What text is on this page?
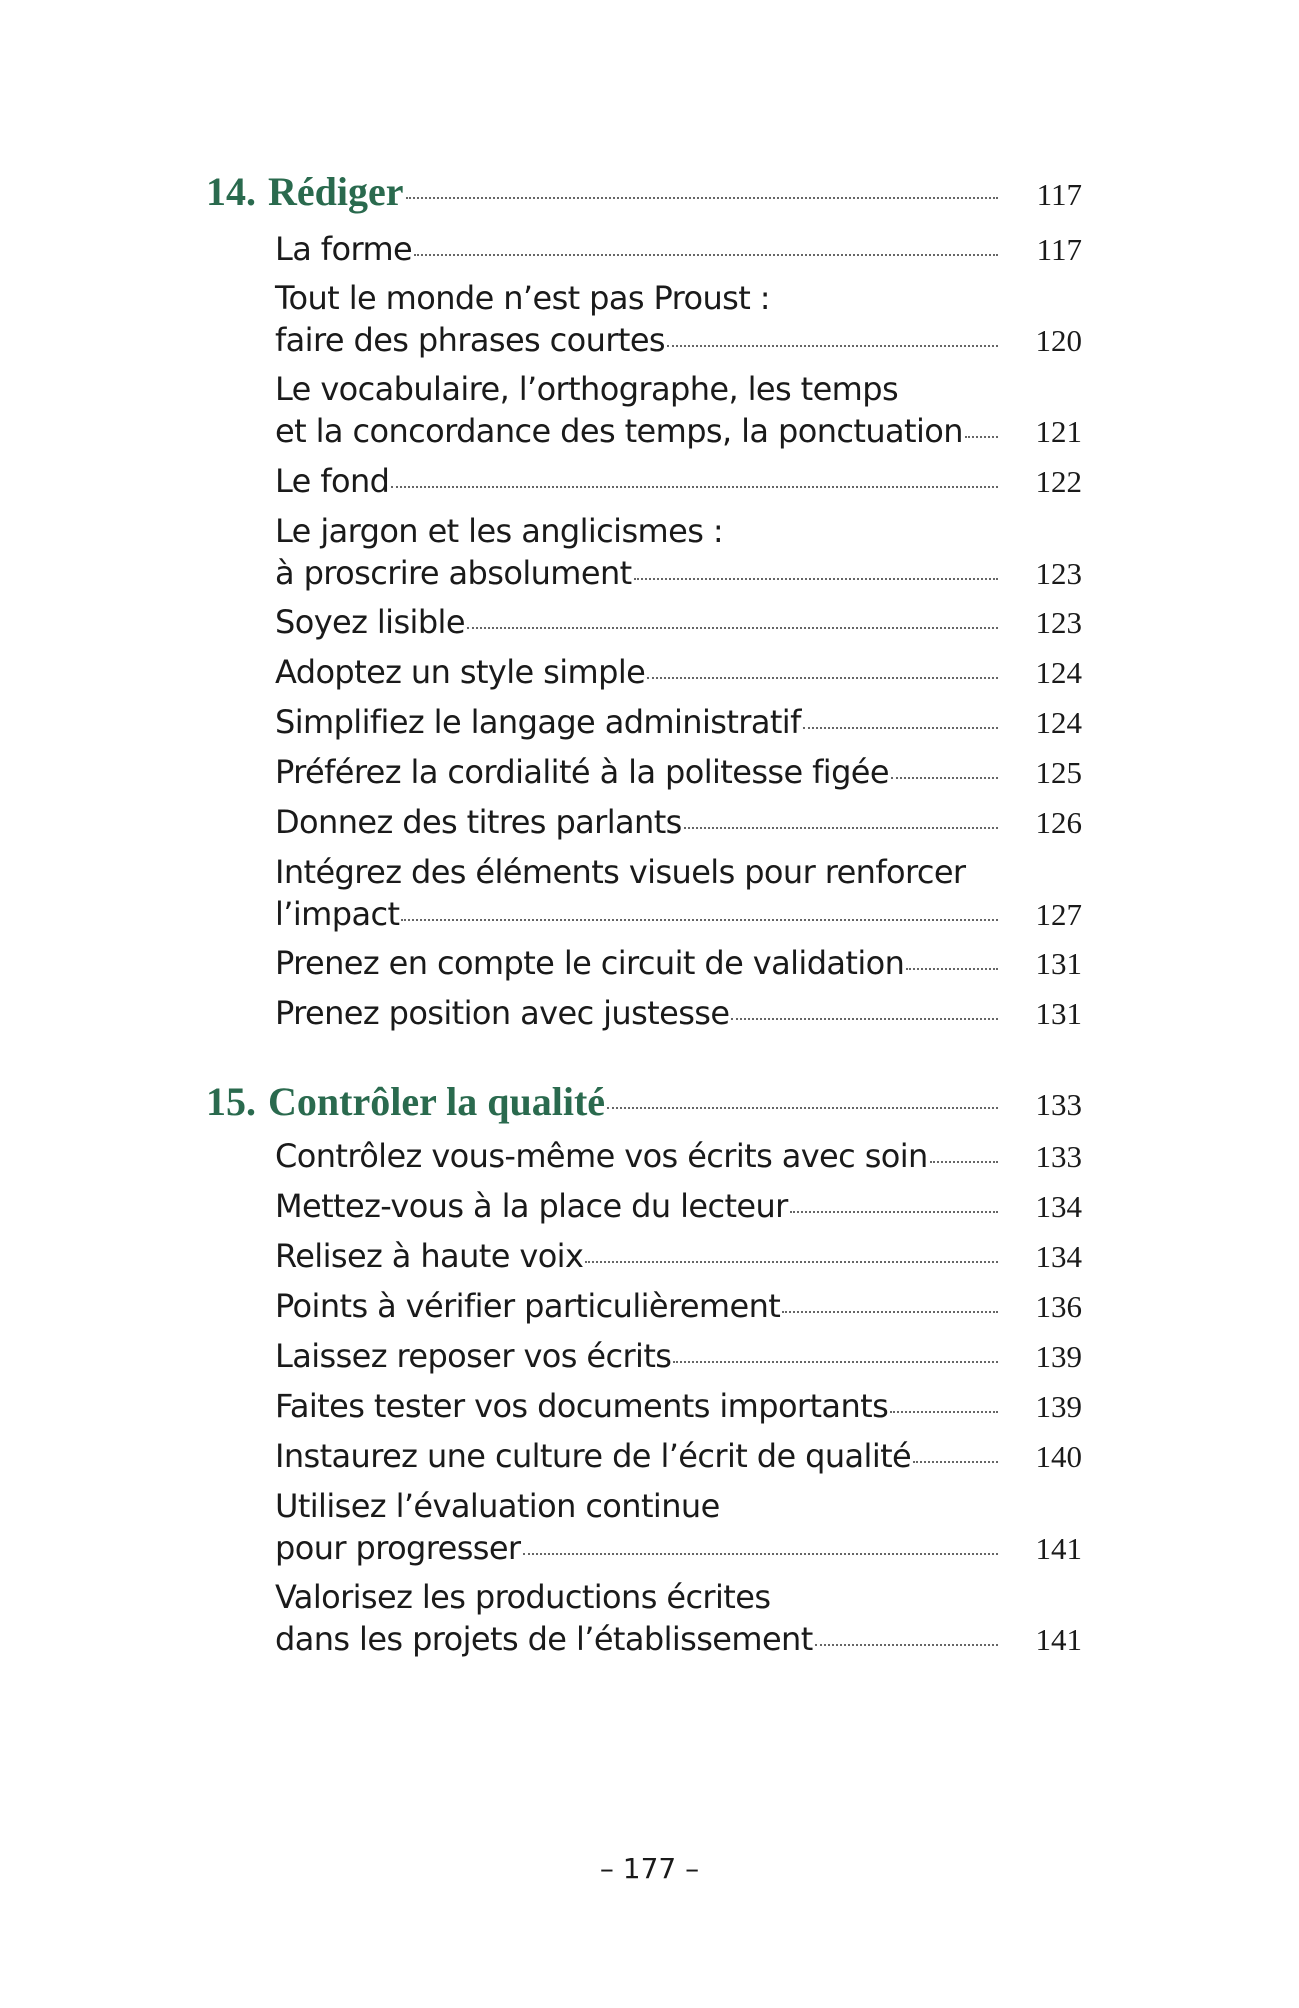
14. Rédiger	117
La forme	117
Tout le monde n’est pas Proust :
faire des phrases courtes	120
Le vocabulaire, l’orthographe, les temps
et la concordance des temps, la ponctuation 121
Le fond	122
Le jargon et les anglicismes :
à proscrire absolument	123
Soyez lisible	123
Adoptez un style simple	124
Simplifiez le langage administratif	124
Préférez la cordialité à la politesse figée	125
Donnez des titres parlants	126
Intégrez des éléments visuels pour renforcer
l’impact	127
Prenez en compte le circuit de validation	131
Prenez position avec justesse	131
15. Contrôler la qualité	133
Contrôlez vous-même vos écrits avec soin	133
Mettez-vous à la place du lecteur	134
Relisez à haute voix	134
Points à vérifier particulièrement	136
Laissez reposer vos écrits	139
Faites tester vos documents importants	139
Instaurez une culture de l’écrit de qualité	140
Utilisez l’évaluation continue
pour progresser	141
Valorisez les productions écrites
dans les projets de l’établissement	141
– 177 –
